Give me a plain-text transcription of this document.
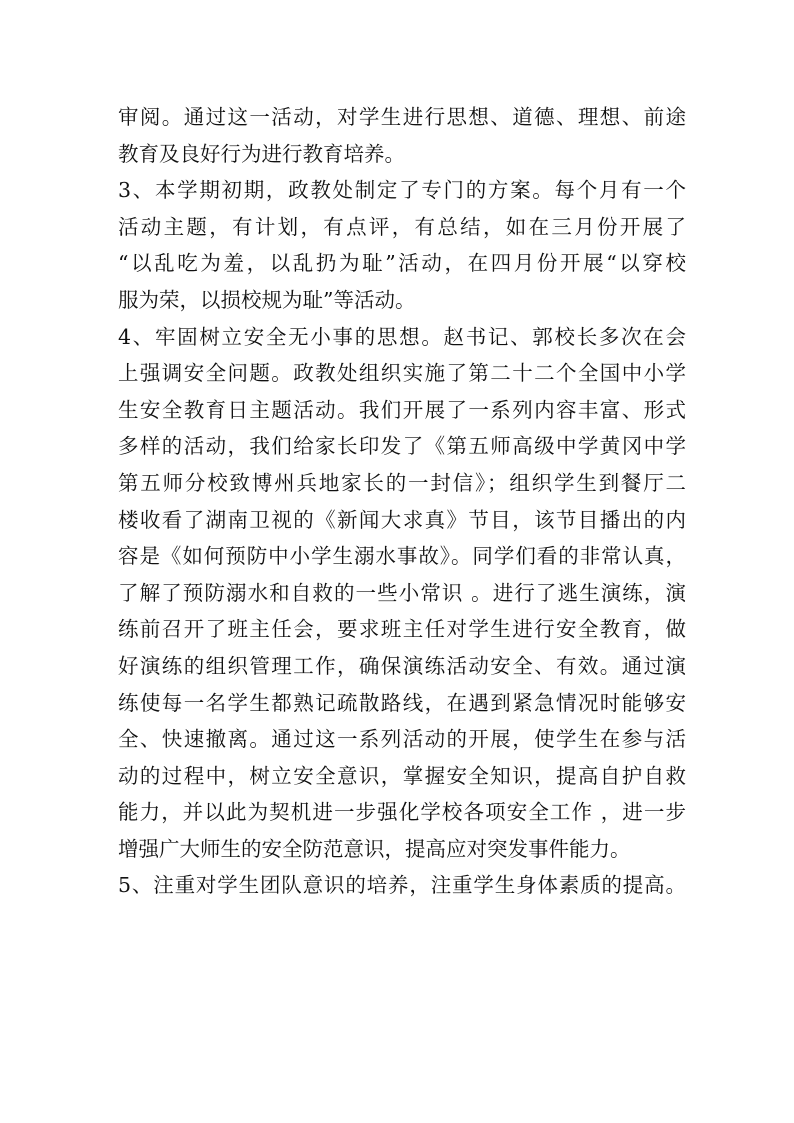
审阅。通过这一活动，对学生进行思想、道德、理想、前途
教育及良好行为进行教育培养。
3、本学期初期，政教处制定了专门的方案。每个月有一个
活动主题，有计划，有点评，有总结，如在三月份开展了
“以乱吃为羞，以乱扔为耻”活动，在四月份开展“以穿校
服为荣，以损校规为耻”等活动。
4、牢固树立安全无小事的思想。赵书记、郭校长多次在会
上强调安全问题。政教处组织实施了第二十二个全国中小学
生安全教育日主题活动。我们开展了一系列内容丰富、形式
多样的活动，我们给家长印发了《第五师高级中学黄冈中学
第五师分校致博州兵地家长的一封信》；组织学生到餐厅二
楼收看了湖南卫视的《新闻大求真》节目，该节目播出的内
容是《如何预防中小学生溺水事故》。同学们看的非常认真，
了解了预防溺水和自救的一些小常识 。进行了逃生演练，演
练前召开了班主任会，要求班主任对学生进行安全教育，做
好演练的组织管理工作，确保演练活动安全、有效。通过演
练使每一名学生都熟记疏散路线，在遇到紧急情况时能够安
全、快速撤离。通过这一系列活动的开展，使学生在参与活
动的过程中，树立安全意识，掌握安全知识，提高自护自救
能力，并以此为契机进一步强化学校各项安全工作 ，进一步
增强广大师生的安全防范意识，提高应对突发事件能力。
5、注重对学生团队意识的培养，注重学生身体素质的提高。
